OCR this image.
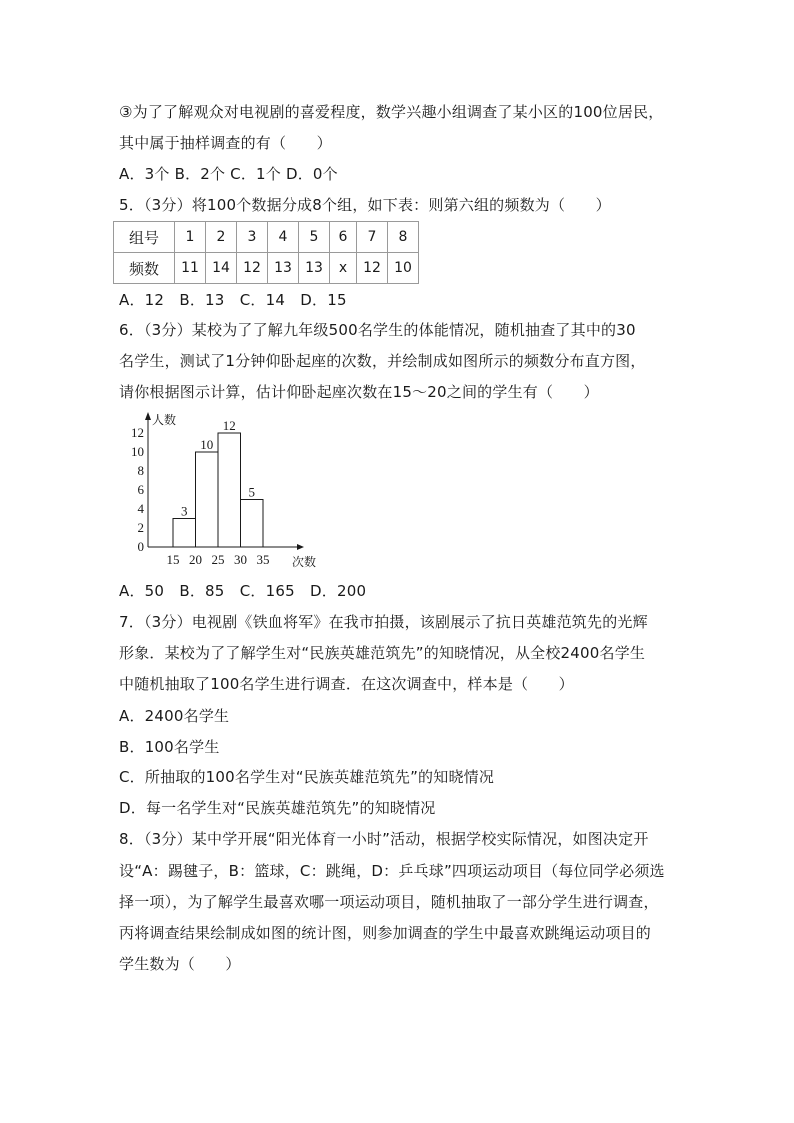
③为了了解观众对电视剧的喜爱程度，数学兴趣小组调查了某小区的100位居民，
其中属于抽样调查的有（　　）
A．3个 B．2个 C．1个 D．0个
5．（3分）将100个数据分成8个组，如下表：则第六组的频数为（　　）
组号	1	2	3	4	5	6	7	8
频数	11	14	12	13	13	x	12	10
A．12　B．13　C．14　D．15
6．（3分）某校为了了解九年级500名学生的体能情况，随机抽查了其中的30
名学生，测试了1分钟仰卧起座的次数，并绘制成如图所示的频数分布直方图，
请你根据图示计算，估计仰卧起座次数在15～20之间的学生有（　　）
0
2
4
6
8
10
12
15 20 25 30 35
3
10
12
5
人数
次数
A．50　B．85　C．165　D．200
7．（3分）电视剧《铁血将军》在我市拍摄，该剧展示了抗日英雄范筑先的光辉
形象．某校为了了解学生对“民族英雄范筑先”的知晓情况，从全校2400名学生
中随机抽取了100名学生进行调查．在这次调查中，样本是（　　）
A．2400名学生
B．100名学生
C．所抽取的100名学生对“民族英雄范筑先”的知晓情况
D．每一名学生对“民族英雄范筑先”的知晓情况
8．（3分）某中学开展“阳光体育一小时”活动，根据学校实际情况，如图决定开
设“A：踢毽子，B：篮球，C：跳绳，D：乒乓球”四项运动项目（每位同学必须选
择一项），为了解学生最喜欢哪一项运动项目，随机抽取了一部分学生进行调查，
丙将调查结果绘制成如图的统计图，则参加调查的学生中最喜欢跳绳运动项目的
学生数为（　　）
